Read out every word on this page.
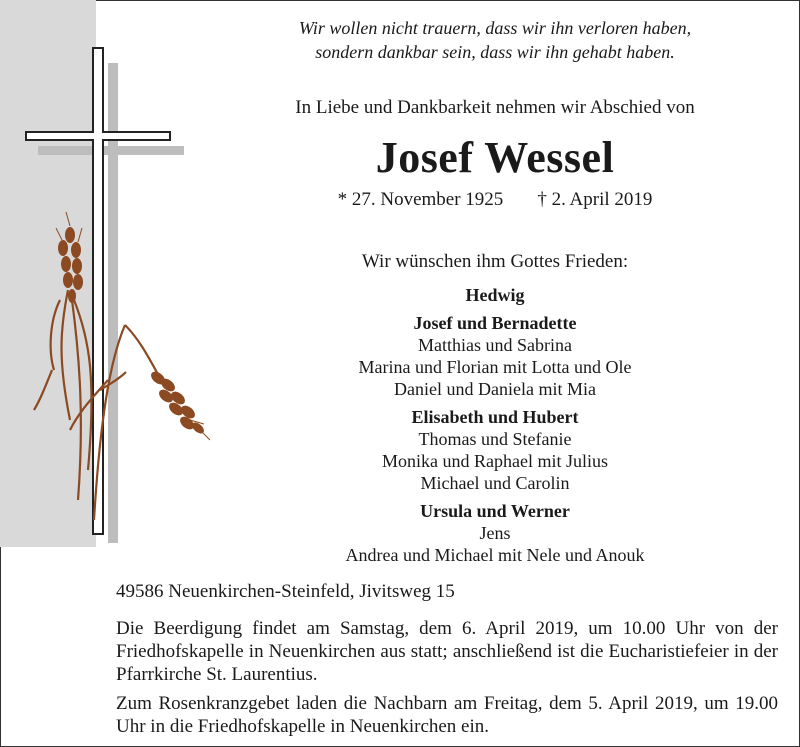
Wir wollen nicht trauern, dass wir ihn verloren haben,
sondern dankbar sein, dass wir ihn gehabt haben.
In Liebe und Dankbarkeit nehmen wir Abschied von
Josef Wessel
* 27. November 1925 † 2. April 2019
Wir wünschen ihm Gottes Frieden:
Hedwig
Josef und Bernadette
Matthias und Sabrina
Marina und Florian mit Lotta und Ole
Daniel und Daniela mit Mia
Elisabeth und Hubert
Thomas und Stefanie
Monika und Raphael mit Julius
Michael und Carolin
Ursula und Werner
Jens
Andrea und Michael mit Nele und Anouk
49586 Neuenkirchen-Steinfeld, Jivitsweg 15
Die Beerdigung findet am Samstag, dem 6. April 2019, um 10.00 Uhr von der Friedhofskapelle in Neuenkirchen aus statt; anschließend ist die Eucharistiefeier in der Pfarrkirche St. Laurentius.
Zum Rosenkranzgebet laden die Nachbarn am Freitag, dem 5. April 2019, um 19.00 Uhr in die Friedhofskapelle in Neuenkirchen ein.
